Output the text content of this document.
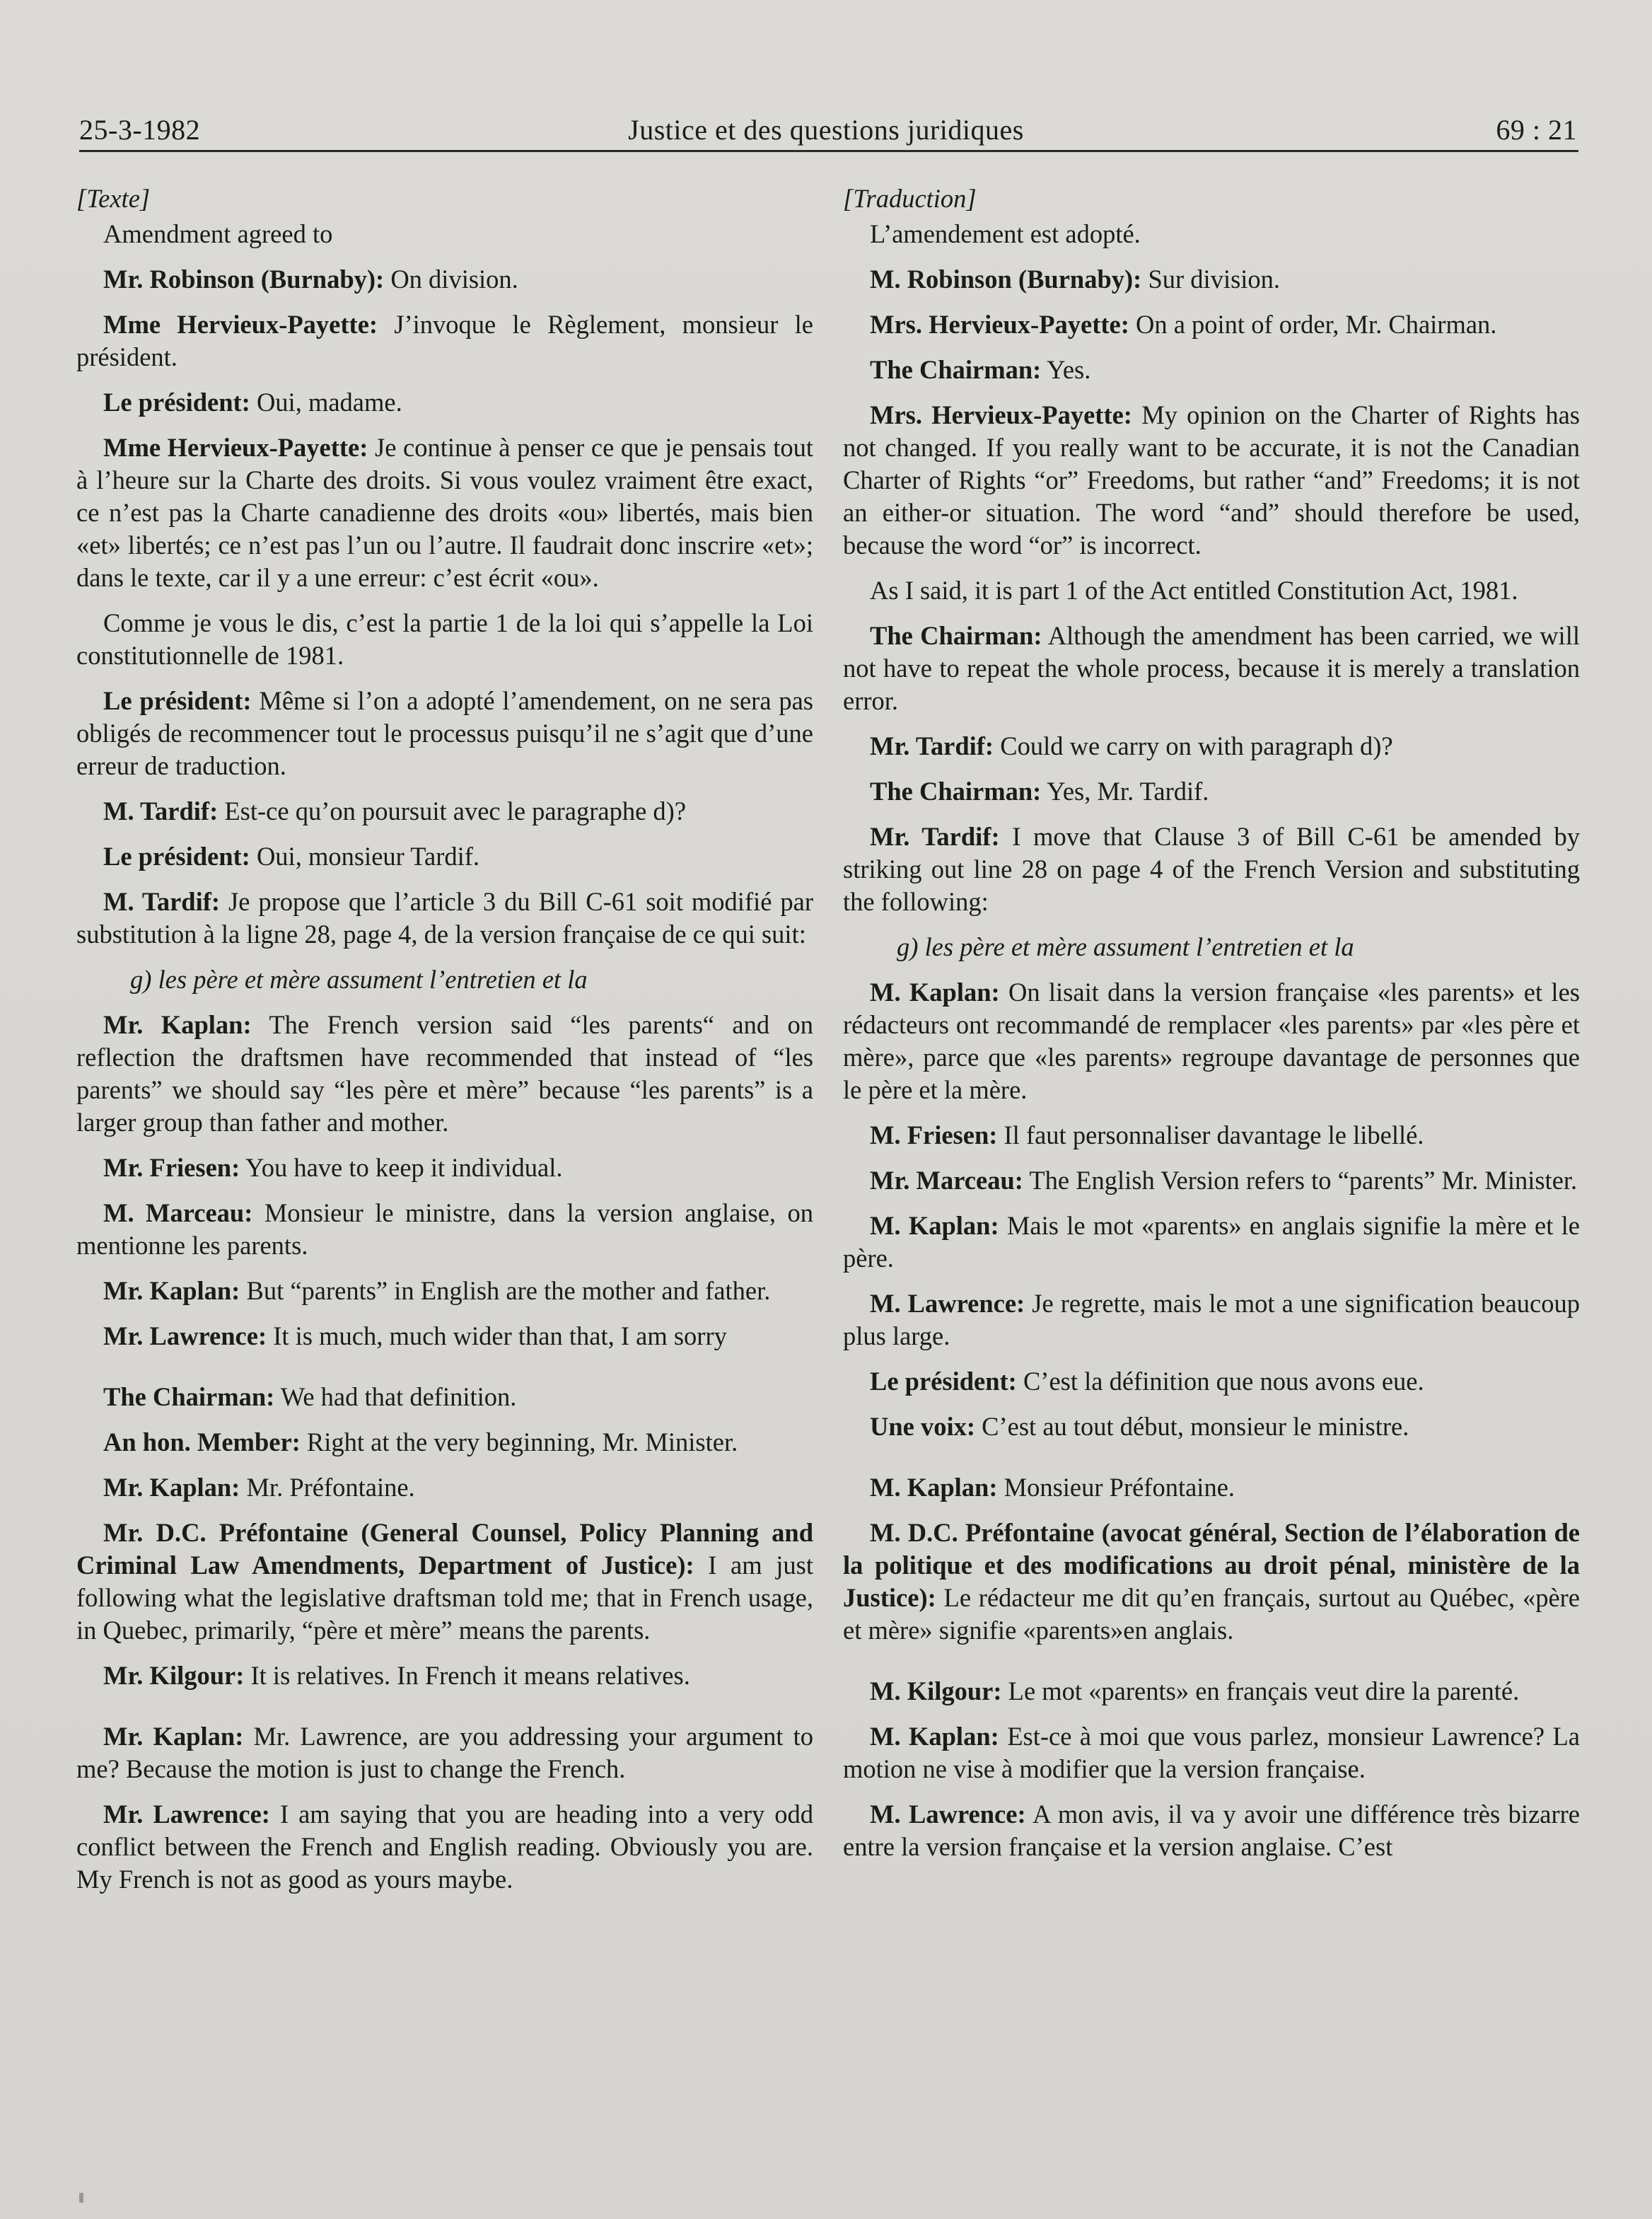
25-3-1982	Justice et des questions juridiques	69 : 21

[Texte]

Amendment agreed to

Mr. Robinson (Burnaby): On division.

Mme Hervieux-Payette: J’invoque le Règlement, monsieur le président.

Le président: Oui, madame.

Mme Hervieux-Payette: Je continue à penser ce que je pensais tout à l’heure sur la Charte des droits. Si vous voulez vraiment être exact, ce n’est pas la Charte canadienne des droits «ou» libertés, mais bien «et» libertés; ce n’est pas l’un ou l’autre. Il faudrait donc inscrire «et»; dans le texte, car il y a une erreur: c’est écrit «ou».

Comme je vous le dis, c’est la partie 1 de la loi qui s’appelle la Loi constitutionnelle de 1981.

Le président: Même si l’on a adopté l’amendement, on ne sera pas obligés de recommencer tout le processus puisqu’il ne s’agit que d’une erreur de traduction.

M. Tardif: Est-ce qu’on poursuit avec le paragraphe d)?

Le président: Oui, monsieur Tardif.

M. Tardif: Je propose que l’article 3 du Bill C-61 soit modifié par substitution à la ligne 28, page 4, de la version française de ce qui suit:

g) les père et mère assument l’entretien et la

Mr. Kaplan: The French version said “les parents“ and on reflection the draftsmen have recommended that instead of “les parents” we should say “les père et mère” because “les parents” is a larger group than father and mother.

Mr. Friesen: You have to keep it individual.

M. Marceau: Monsieur le ministre, dans la version anglaise, on mentionne les parents.

Mr. Kaplan: But “parents” in English are the mother and father.

Mr. Lawrence: It is much, much wider than that, I am sorry

The Chairman: We had that definition.

An hon. Member: Right at the very beginning, Mr. Minister.

Mr. Kaplan: Mr. Préfontaine.

Mr. D.C. Préfontaine (General Counsel, Policy Planning and Criminal Law Amendments, Department of Justice): I am just following what the legislative draftsman told me; that in French usage, in Quebec, primarily, “père et mère” means the parents.

Mr. Kilgour: It is relatives. In French it means relatives.

Mr. Kaplan: Mr. Lawrence, are you addressing your argument to me? Because the motion is just to change the French.

Mr. Lawrence: I am saying that you are heading into a very odd conflict between the French and English reading. Obviously you are. My French is not as good as yours maybe.

[Traduction]

L’amendement est adopté.

M. Robinson (Burnaby): Sur division.

Mrs. Hervieux-Payette: On a point of order, Mr. Chairman.

The Chairman: Yes.

Mrs. Hervieux-Payette: My opinion on the Charter of Rights has not changed. If you really want to be accurate, it is not the Canadian Charter of Rights “or” Freedoms, but rather “and” Freedoms; it is not an either-or situation. The word “and” should therefore be used, because the word “or” is incorrect.

As I said, it is part 1 of the Act entitled Constitution Act, 1981.

The Chairman: Although the amendment has been carried, we will not have to repeat the whole process, because it is merely a translation error.

Mr. Tardif: Could we carry on with paragraph d)?

The Chairman: Yes, Mr. Tardif.

Mr. Tardif: I move that Clause 3 of Bill C-61 be amended by striking out line 28 on page 4 of the French Version and substituting the following:

g) les père et mère assument l’entretien et la

M. Kaplan: On lisait dans la version française «les parents» et les rédacteurs ont recommandé de remplacer «les parents» par «les père et mère», parce que «les parents» regroupe davantage de personnes que le père et la mère.

M. Friesen: Il faut personnaliser davantage le libellé.

Mr. Marceau: The English Version refers to “parents” Mr. Minister.

M. Kaplan: Mais le mot «parents» en anglais signifie la mère et le père.

M. Lawrence: Je regrette, mais le mot a une signification beaucoup plus large.

Le président: C’est la définition que nous avons eue.

Une voix: C’est au tout début, monsieur le ministre.

M. Kaplan: Monsieur Préfontaine.

M. D.C. Préfontaine (avocat général, Section de l’élaboration de la politique et des modifications au droit pénal, ministère de la Justice): Le rédacteur me dit qu’en français, surtout au Québec, «père et mère» signifie «parents»en anglais.

M. Kilgour: Le mot «parents» en français veut dire la parenté.

M. Kaplan: Est-ce à moi que vous parlez, monsieur Lawrence? La motion ne vise à modifier que la version française.

M. Lawrence: A mon avis, il va y avoir une différence très bizarre entre la version française et la version anglaise. C’est
